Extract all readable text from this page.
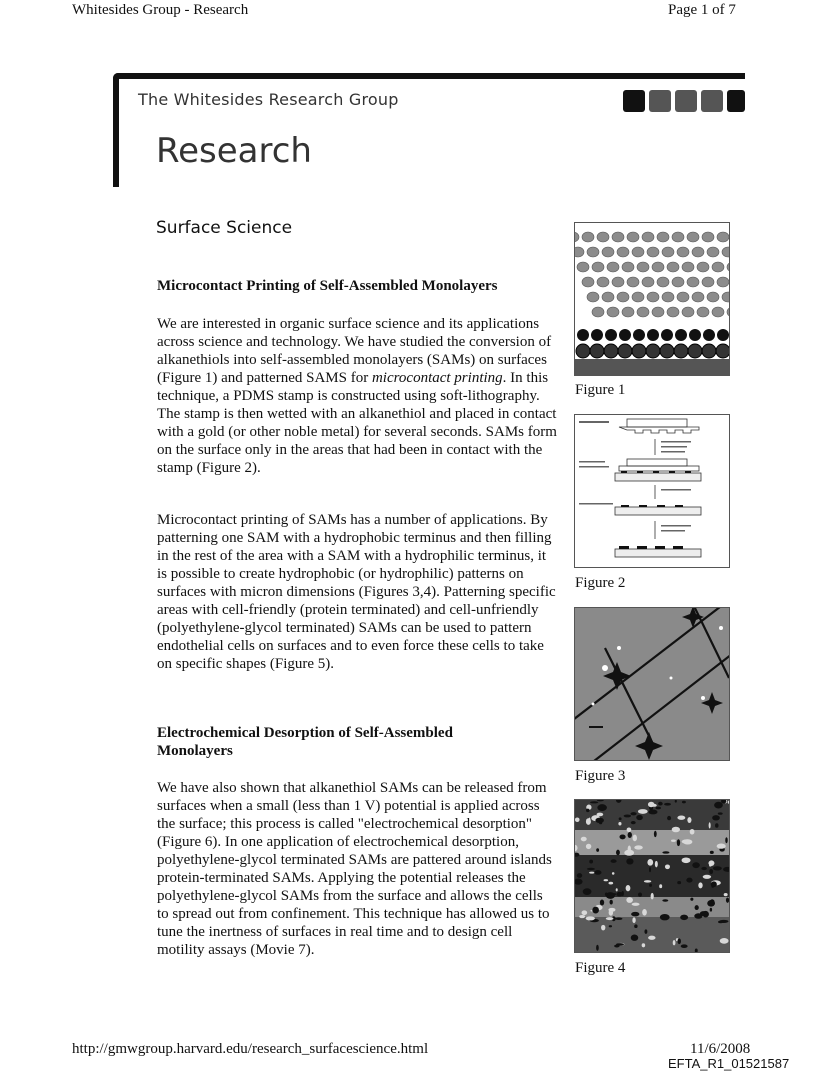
Whitesides Group - Research	Page 1 of 7
The Whitesides Research Group
Research
Surface Science
Microcontact Printing of Self-Assembled Monolayers

We are interested in organic surface science and its applications across science and technology. We have studied the conversion of alkanethiols into self-assembled monolayers (SAMs) on surfaces (Figure 1) and patterned SAMS for microcontact printing. In this technique, a PDMS stamp is constructed using soft-lithography. The stamp is then wetted with an alkanethiol and placed in contact with a gold (or other noble metal) for several seconds. SAMs form on the surface only in the areas that had been in contact with the stamp (Figure 2).

Microcontact printing of SAMs has a number of applications. By patterning one SAM with a hydrophobic terminus and then filling in the rest of the area with a SAM with a hydrophilic terminus, it is possible to create hydrophobic (or hydrophilic) patterns on surfaces with micron dimensions (Figures 3,4). Patterning specific areas with cell-friendly (protein terminated) and cell-unfriendly (polyethylene-glycol terminated) SAMs can be used to pattern endothelial cells on surfaces and to even force these cells to take on specific shapes (Figure 5).

Electrochemical Desorption of Self-Assembled Monolayers

We have also shown that alkanethiol SAMs can be released from surfaces when a small (less than 1 V) potential is applied across the surface; this process is called "electrochemical desorption" (Figure 6). In one application of electrochemical desorption, polyethylene-glycol terminated SAMs are pattered around islands protein-terminated SAMs. Applying the potential releases the polyethylene-glycol SAMs from the surface and allows the cells to spread out from confinement. This technique has allowed us to tune the inertness of surfaces in real time and to design cell motility assays (Movie 7).

Figure 1
Figure 2
Figure 3
Figure 4
http://gmwgroup.harvard.edu/research_surfacescience.html	11/6/2008
EFTA_R1_01521587
